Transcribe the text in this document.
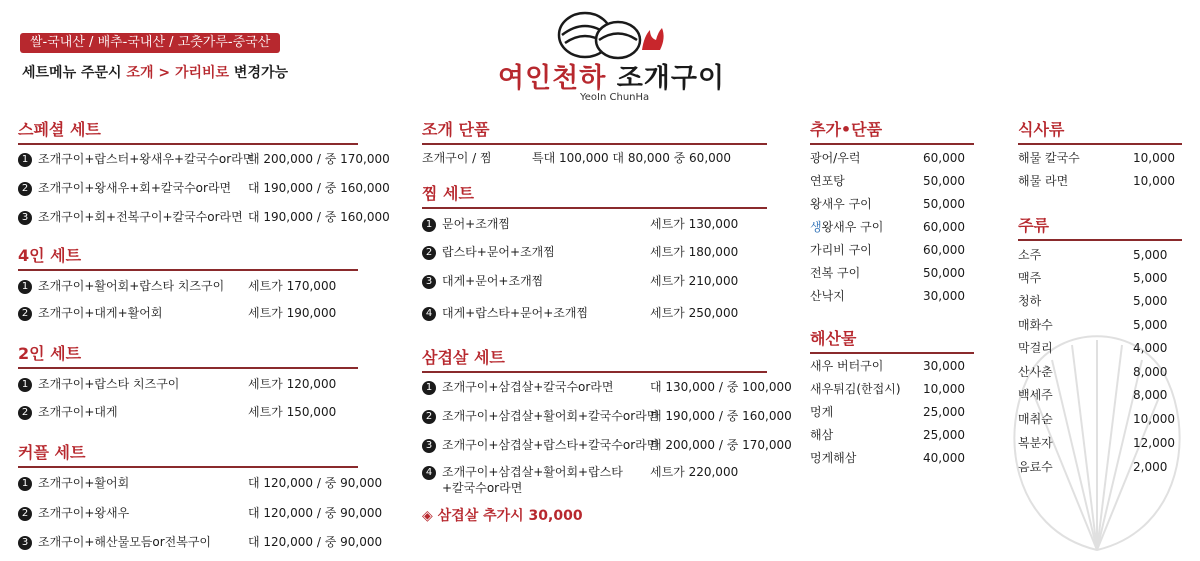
쌀-국내산 / 배추-국내산 / 고춧가루-중국산
세트메뉴 주문시 조개 > 가리비로 변경가능	여인천하 조개구이
YeoIn ChunHa
스페셜 세트
1 조개구이+랍스터+왕새우+칼국수or라면
대 200,000 / 중 170,000
2 조개구이+왕새우+회+칼국수or라면 대 190,000 / 중 160,000
3 조개구이+회+전복구이+칼국수or라면 대 190,000 / 중 160,000
4인 세트
1 조개구이+활어회+랍스타 치즈구이 세트가 170,000
2 조개구이+대게+활어회	세트가 190,000
2인 세트
1 조개구이+랍스타 치즈구이	세트가 120,000
2 조개구이+대게	세트가 150,000
커플 세트
1 조개구이+활어회	대 120,000 / 중 90,000
2 조개구이+왕새우	대 120,000 / 중 90,000
3 조개구이+해산물모듬or전복구이	대 120,000 / 중 90,000
조개 단품
조개구이 / 찜	특대 100,000 대 80,000 중 60,000
찜 세트
1 문어+조개찜	세트가 130,000
2 랍스타+문어+조개찜	세트가 180,000
3 대게+문어+조개찜	세트가 210,000
4 대게+랍스타+문어+조개찜	세트가 250,000
삼겹살 세트
1 조개구이+삼겹살+칼국수or라면	대 130,000 / 중 100,000
2 조개구이+삼겹살+활어회+칼국수or라면
대 190,000 / 중 160,000
3 조개구이+삼겹살+랍스타+칼국수or라면
대 200,000 / 중 170,000
4 조개구이+삼겹살+활어회+랍스타 세트가 220,000
+칼국수or라면
◈ 삼겹살 추가시 30,000
추가•단품
광어/우럭	60,000
연포탕	50,000
왕새우 구이	50,000
생왕새우 구이	60,000
가리비 구이	60,000
전복 구이	50,000
산낙지	30,000
해산물
새우 버터구이	30,000
새우튀김(한접시) 10,000
멍게	25,000
해삼	25,000
멍게해삼	40,000
식사류
해물 칼국수	10,000
해물 라면	10,000
주류
소주	5,000
맥주	5,000
청하	5,000
매화수	5,000
막걸리	4,000
산사춘	8,000
백세주	8,000
매취순	10,000
복분자	12,000
음료수	2,000
